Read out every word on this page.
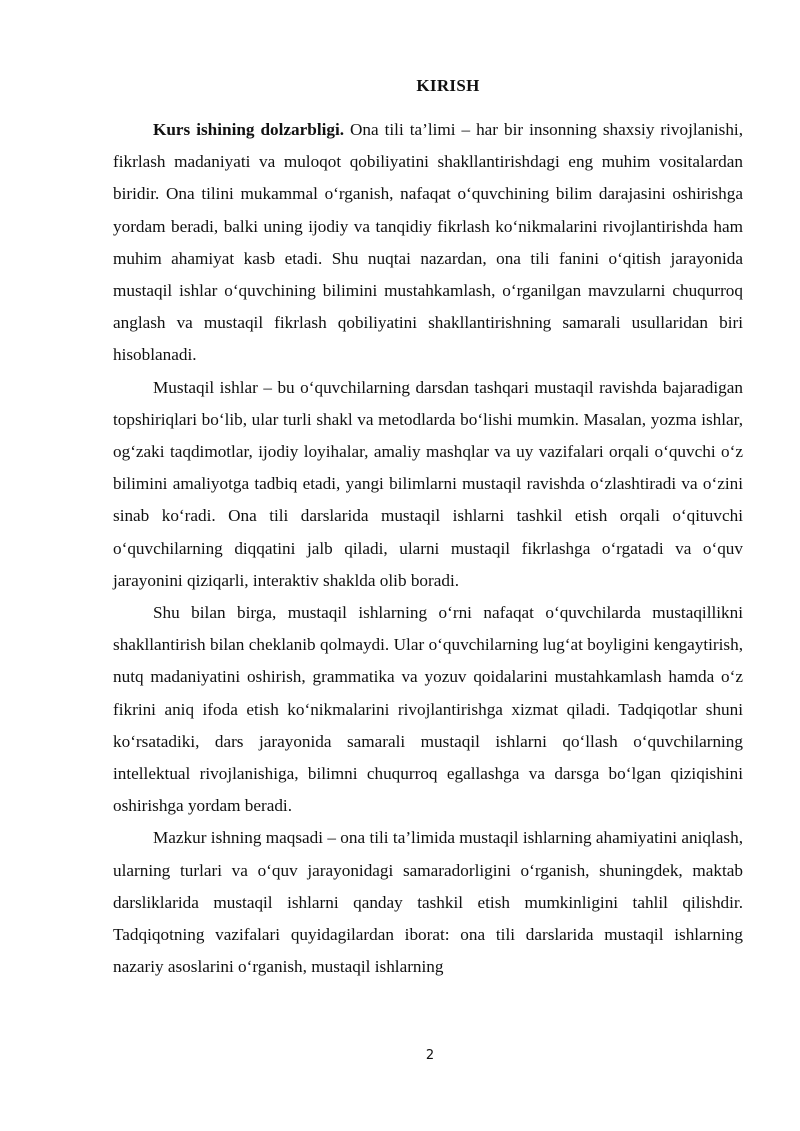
KIRISH

Kurs ishining dolzarbligi. Ona tili ta’limi – har bir insonning shaxsiy rivojlanishi, fikrlash madaniyati va muloqot qobiliyatini shakllantirishdagi eng muhim vositalardan biridir. Ona tilini mukammal o‘rganish, nafaqat o‘quvchining bilim darajasini oshirishga yordam beradi, balki uning ijodiy va tanqidiy fikrlash ko‘nikmalarini rivojlantirishda ham muhim ahamiyat kasb etadi. Shu nuqtai nazardan, ona tili fanini o‘qitish jarayonida mustaqil ishlar o‘quvchining bilimini mustahkamlash, o‘rganilgan mavzularni chuqurroq anglash va mustaqil fikrlash qobiliyatini shakllantirishning samarali usullaridan biri hisoblanadi.

Mustaqil ishlar – bu o‘quvchilarning darsdan tashqari mustaqil ravishda bajaradigan topshiriqlari bo‘lib, ular turli shakl va metodlarda bo‘lishi mumkin. Masalan, yozma ishlar, og‘zaki taqdimotlar, ijodiy loyihalar, amaliy mashqlar va uy vazifalari orqali o‘quvchi o‘z bilimini amaliyotga tadbiq etadi, yangi bilimlarni mustaqil ravishda o‘zlashtiradi va o‘zini sinab ko‘radi. Ona tili darslarida mustaqil ishlarni tashkil etish orqali o‘qituvchi o‘quvchilarning diqqatini jalb qiladi, ularni mustaqil fikrlashga o‘rgatadi va o‘quv jarayonini qiziqarli, interaktiv shaklda olib boradi.

Shu bilan birga, mustaqil ishlarning o‘rni nafaqat o‘quvchilarda mustaqillikni shakllantirish bilan cheklanib qolmaydi. Ular o‘quvchilarning lug‘at boyligini kengaytirish, nutq madaniyatini oshirish, grammatika va yozuv qoidalarini mustahkamlash hamda o‘z fikrini aniq ifoda etish ko‘nikmalarini rivojlantirishga xizmat qiladi. Tadqiqotlar shuni ko‘rsatadiki, dars jarayonida samarali mustaqil ishlarni qo‘llash o‘quvchilarning intellektual rivojlanishiga, bilimni chuqurroq egallashga va darsga bo‘lgan qiziqishini oshirishga yordam beradi.

Mazkur ishning maqsadi – ona tili ta’limida mustaqil ishlarning ahamiyatini aniqlash, ularning turlari va o‘quv jarayonidagi samaradorligini o‘rganish, shuningdek, maktab darsliklarida mustaqil ishlarni qanday tashkil etish mumkinligini tahlil qilishdir. Tadqiqotning vazifalari quyidagilardan iborat: ona tili darslarida mustaqil ishlarning nazariy asoslarini o‘rganish, mustaqil ishlarning

2
